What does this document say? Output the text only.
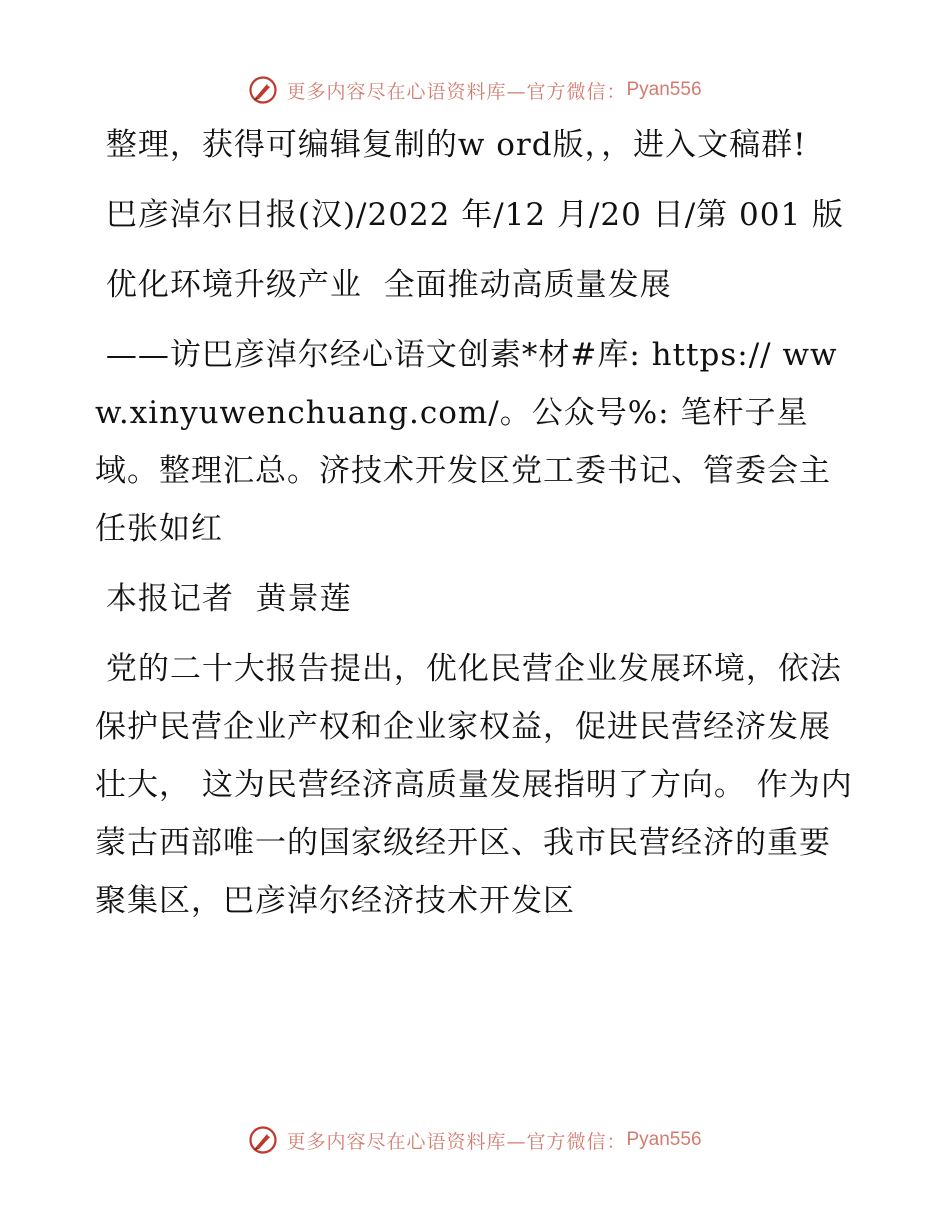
更多内容尽在心语资料库—官方微信： Pyan556

整理，获得可编辑复制的w ord版，，进入文稿群!

巴彦淖尔日报(汉)/2022 年/12 月/20 日/第 001 版

优化环境升级产业  全面推动高质量发展

——访巴彦淖尔经心语文创素*材#库: https:// www.xinyuwenchuang.com/。公众号%: 笔杆子星域。整理汇总。济技术开发区党工委书记、管委会主任张如红

本报记者  黄景莲

党的二十大报告提出，优化民营企业发展环境，依法保护民营企业产权和企业家权益，促进民营经济发展壮大， 这为民营经济高质量发展指明了方向。 作为内蒙古西部唯一的国家级经开区、我市民营经济的重要聚集区，巴彦淖尔经济技术开发区

更多内容尽在心语资料库—官方微信： Pyan556
